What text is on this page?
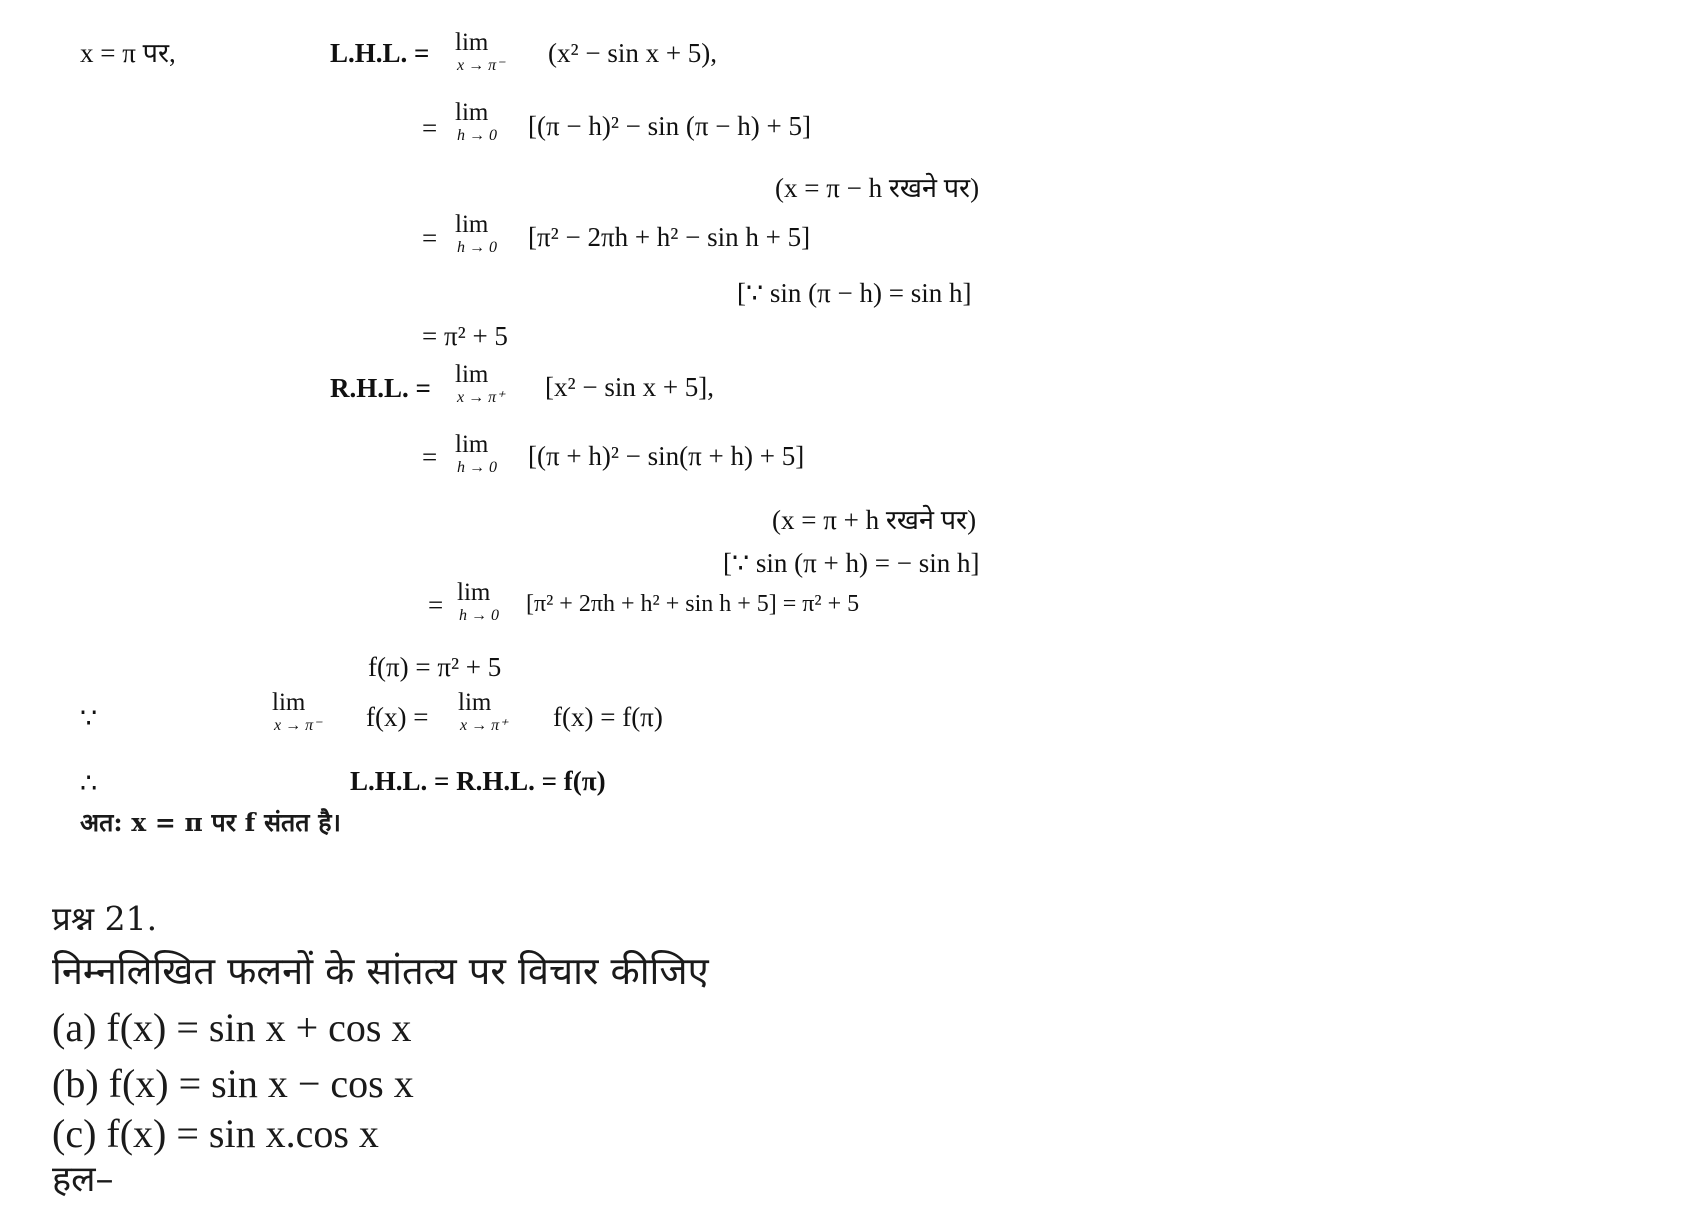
x = π पर,	L.H.L. = lim
x → π⁻ (x² − sin x + 5),
=
lim
h → 0 [(π − h)² − sin (π − h) + 5]
(x = π − h रखने पर)
= lim
h → 0 [π² − 2πh + h² − sin h + 5]
[∵ sin (π − h) = sin h]
= π² + 5
R.H.L. = lim
x → π⁺ [x² − sin x + 5],
= lim
h → 0 [(π + h)² − sin(π + h) + 5]
(x = π + h रखने पर)
[∵ sin (π + h) = − sin h]
= lim
h → 0 [π² + 2πh + h² + sin h + 5] = π² + 5
f(π) = π² + 5
∵
lim
x → π⁻ f(x) = lim
x → π⁺ f(x) = f(π)
∴	L.H.L. = R.H.L. = f(π)
अत: x = π पर f संतत है।
प्रश्न 21.
निम्नलिखित फलनों के सांतत्य पर विचार कीजिए
(a) f(x) = sin x + cos x
(b) f(x) = sin x − cos x
(c) f(x) = sin x.cos x
हल–
